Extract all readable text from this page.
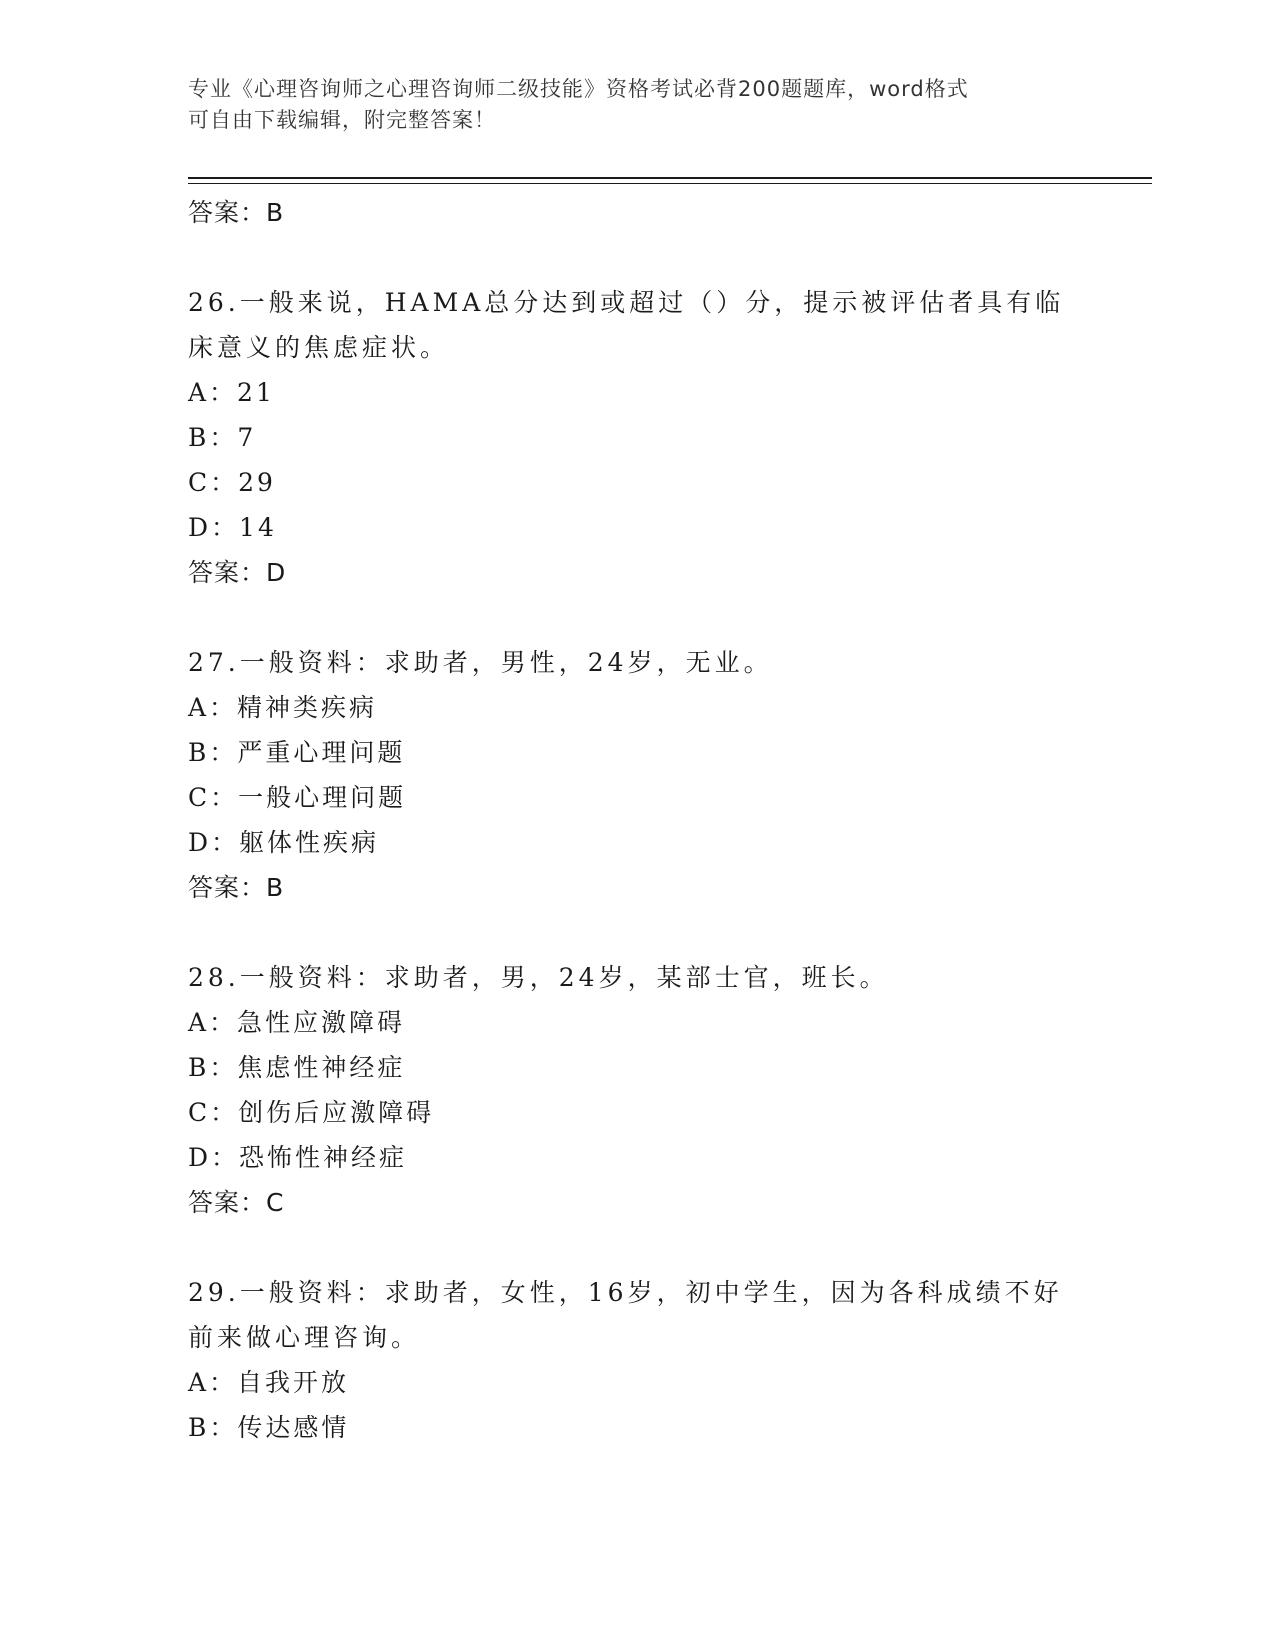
专业《心理咨询师之心理咨询师二级技能》资格考试必背200题题库，word格式
可自由下载编辑，附完整答案！
答案：B
26.一般来说，HAMA总分达到或超过（）分，提示被评估者具有临床意义的焦虑症状。
A：21
B：7
C：29
D：14
答案：D
27.一般资料：求助者，男性，24岁，无业。
A：精神类疾病
B：严重心理问题
C：一般心理问题
D：躯体性疾病
答案：B
28.一般资料：求助者，男，24岁，某部士官，班长。
A：急性应激障碍
B：焦虑性神经症
C：创伤后应激障碍
D：恐怖性神经症
答案：C
29.一般资料：求助者，女性，16岁，初中学生，因为各科成绩不好前来做心理咨询。
A：自我开放
B：传达感情
